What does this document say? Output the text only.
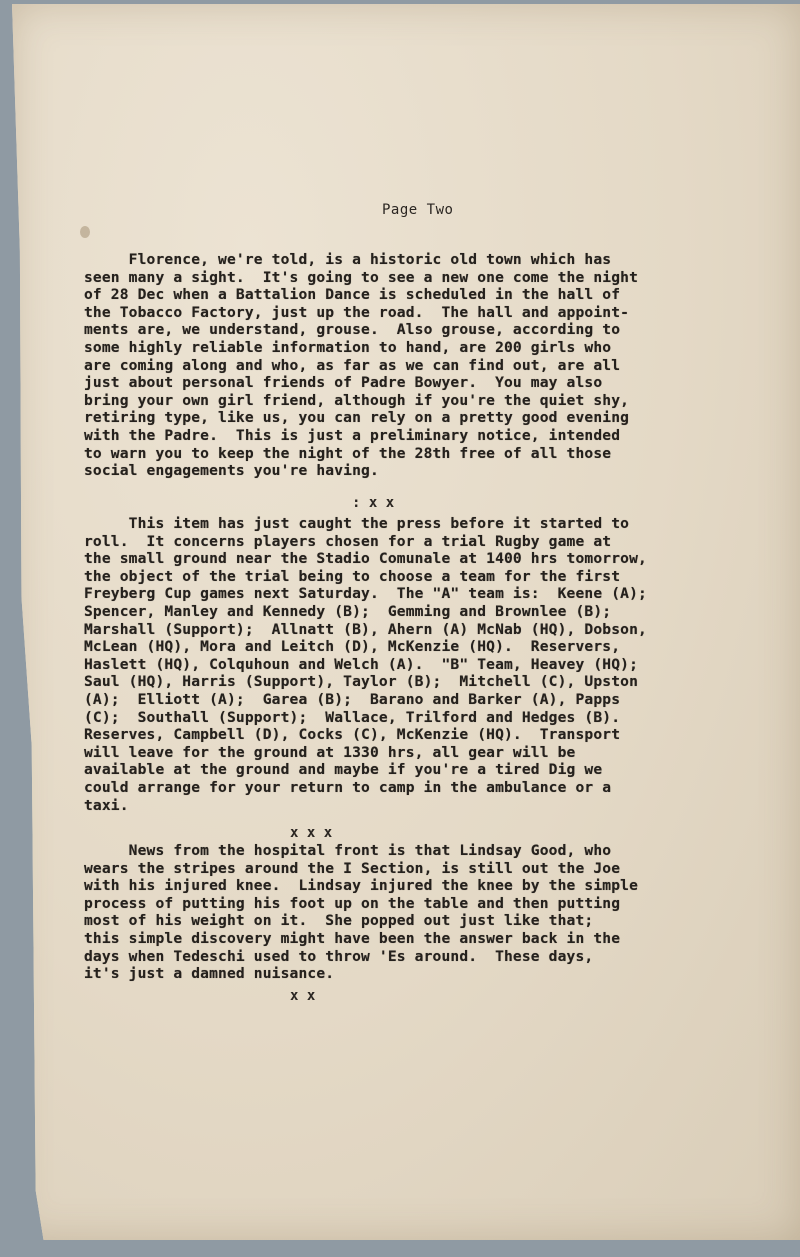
Page Two
Florence, we're told, is a historic old town which has
seen many a sight.  It's going to see a new one come the night
of 28 Dec when a Battalion Dance is scheduled in the hall of
the Tobacco Factory, just up the road.  The hall and appoint-
ments are, we understand, grouse.  Also grouse, according to
some highly reliable information to hand, are 200 girls who
are coming along and who, as far as we can find out, are all
just about personal friends of Padre Bowyer.  You may also
bring your own girl friend, although if you're the quiet shy,
retiring type, like us, you can rely on a pretty good evening
with the Padre.  This is just a preliminary notice, intended
to warn you to keep the night of the 28th free of all those
social engagements you're having.
: x x
This item has just caught the press before it started to
roll.  It concerns players chosen for a trial Rugby game at
the small ground near the Stadio Comunale at 1400 hrs tomorrow,
the object of the trial being to choose a team for the first
Freyberg Cup games next Saturday.  The "A" team is:  Keene (A);
Spencer, Manley and Kennedy (B);  Gemming and Brownlee (B);
Marshall (Support);  Allnatt (B), Ahern (A) McNab (HQ), Dobson,
McLean (HQ), Mora and Leitch (D), McKenzie (HQ).  Reservers,
Haslett (HQ), Colquhoun and Welch (A).  "B" Team, Heavey (HQ);
Saul (HQ), Harris (Support), Taylor (B);  Mitchell (C), Upston
(A);  Elliott (A);  Garea (B);  Barano and Barker (A), Papps
(C);  Southall (Support);  Wallace, Trilford and Hedges (B).
Reserves, Campbell (D), Cocks (C), McKenzie (HQ).  Transport
will leave for the ground at 1330 hrs, all gear will be
available at the ground and maybe if you're a tired Dig we
could arrange for your return to camp in the ambulance or a
taxi.
x x x
News from the hospital front is that Lindsay Good, who
wears the stripes around the I Section, is still out the Joe
with his injured knee.  Lindsay injured the knee by the simple
process of putting his foot up on the table and then putting
most of his weight on it.  She popped out just like that;
this simple discovery might have been the answer back in the
days when Tedeschi used to throw 'Es around.  These days,
it's just a damned nuisance.
x x
